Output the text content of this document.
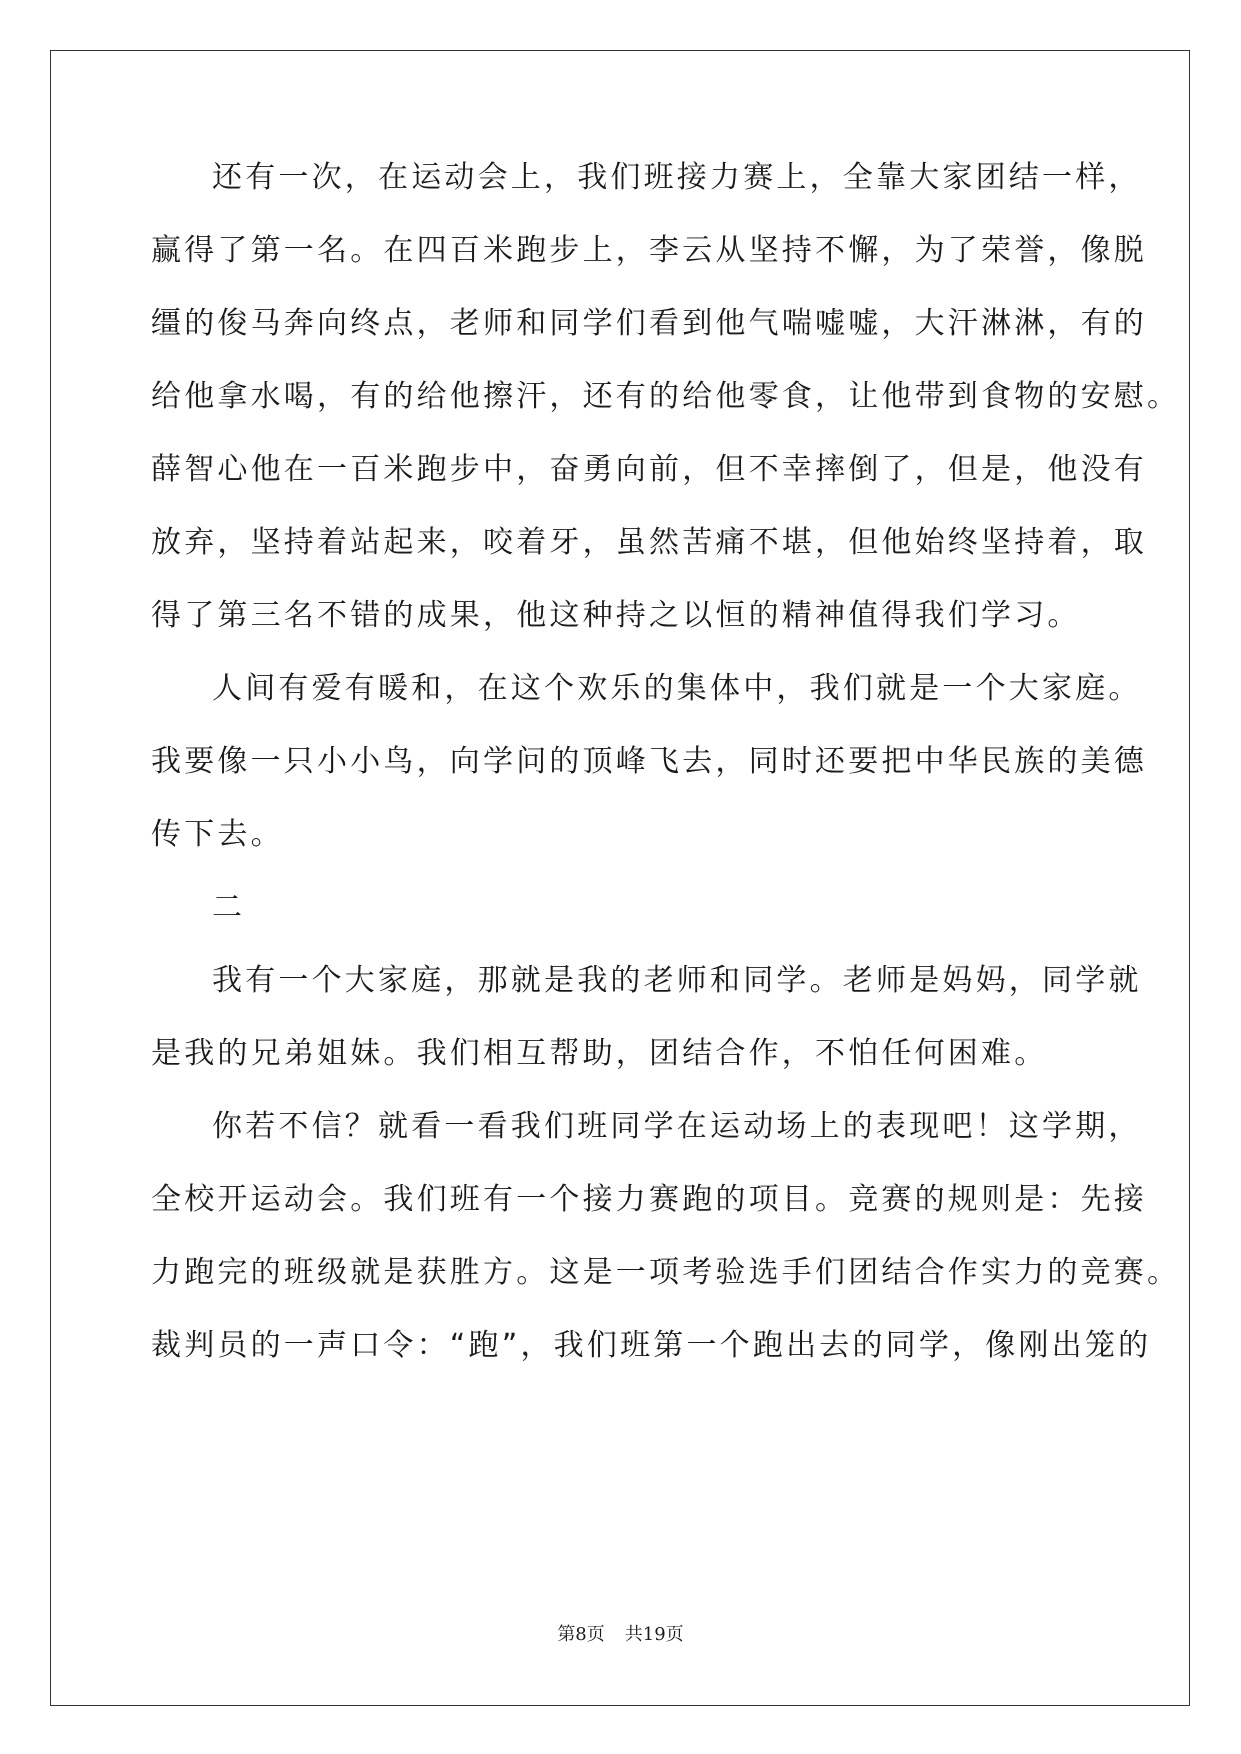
还有一次，在运动会上，我们班接力赛上，全靠大家团结一样，
赢得了第一名。在四百米跑步上，李云从坚持不懈，为了荣誉，像脱
缰的俊马奔向终点，老师和同学们看到他气喘嘘嘘，大汗淋淋，有的
给他拿水喝，有的给他擦汗，还有的给他零食，让他带到食物的安慰。
薛智心他在一百米跑步中，奋勇向前，但不幸摔倒了，但是，他没有
放弃，坚持着站起来，咬着牙，虽然苦痛不堪，但他始终坚持着，取
得了第三名不错的成果，他这种持之以恒的精神值得我们学习。
人间有爱有暖和，在这个欢乐的集体中，我们就是一个大家庭。
我要像一只小小鸟，向学问的顶峰飞去，同时还要把中华民族的美德
传下去。
二
我有一个大家庭，那就是我的老师和同学。老师是妈妈，同学就
是我的兄弟姐妹。我们相互帮助，团结合作，不怕任何困难。
你若不信？就看一看我们班同学在运动场上的表现吧！这学期，
全校开运动会。我们班有一个接力赛跑的项目。竞赛的规则是：先接
力跑完的班级就是获胜方。这是一项考验选手们团结合作实力的竞赛。
裁判员的一声口令：“跑”，我们班第一个跑出去的同学，像刚出笼的
第8页 共19页
